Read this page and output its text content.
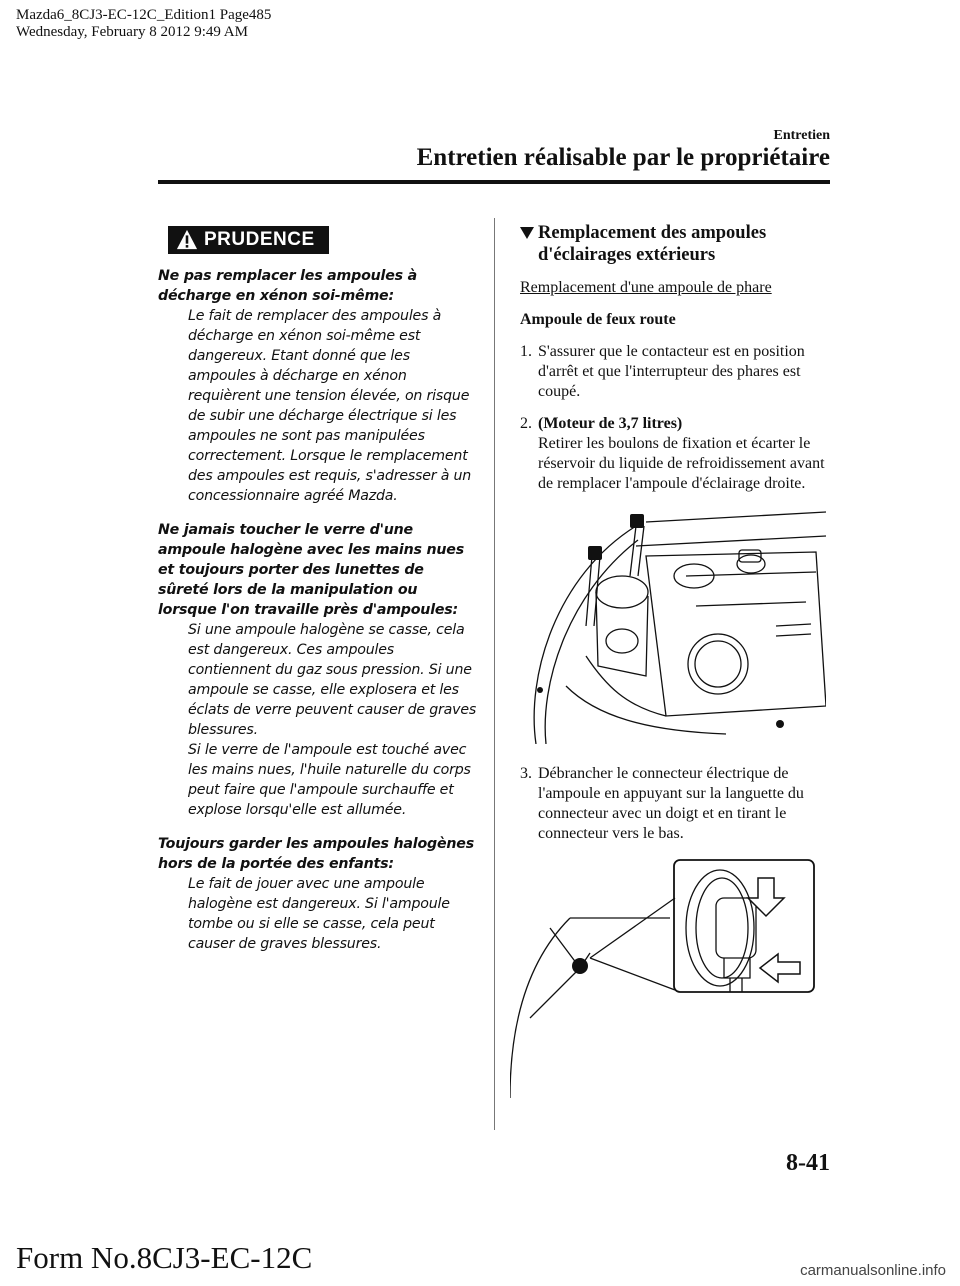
Mazda6_8CJ3-EC-12C_Edition1 Page485
Wednesday, February 8 2012 9:49 AM
Entretien
Entretien réalisable par le propriétaire
PRUDENCE
Ne pas remplacer les ampoules à décharge en xénon soi-même:
Le fait de remplacer des ampoules à décharge en xénon soi-même est dangereux. Etant donné que les ampoules à décharge en xénon requièrent une tension élevée, on risque de subir une décharge électrique si les ampoules ne sont pas manipulées correctement. Lorsque le remplacement des ampoules est requis, s'adresser à un concessionnaire agréé Mazda.
Ne jamais toucher le verre d'une ampoule halogène avec les mains nues et toujours porter des lunettes de sûreté lors de la manipulation ou lorsque l'on travaille près d'ampoules:
Si une ampoule halogène se casse, cela est dangereux. Ces ampoules contiennent du gaz sous pression. Si une ampoule se casse, elle explosera et les éclats de verre peuvent causer de graves blessures.
Si le verre de l'ampoule est touché avec les mains nues, l'huile naturelle du corps peut faire que l'ampoule surchauffe et explose lorsqu'elle est allumée.
Toujours garder les ampoules halogènes hors de la portée des enfants:
Le fait de jouer avec une ampoule halogène est dangereux. Si l'ampoule tombe ou si elle se casse, cela peut causer de graves blessures.
Remplacement des ampoules d'éclairages extérieurs
Remplacement d'une ampoule de phare
Ampoule de feux route
1. S'assurer que le contacteur est en position d'arrêt et que l'interrupteur des phares est coupé.
2. (Moteur de 3,7 litres)
Retirer les boulons de fixation et écarter le réservoir du liquide de refroidissement avant de remplacer l'ampoule d'éclairage droite.
3. Débrancher le connecteur électrique de l'ampoule en appuyant sur la languette du connecteur avec un doigt et en tirant le connecteur vers le bas.
8-41
Form No.8CJ3-EC-12C	carmanualsonline.info
